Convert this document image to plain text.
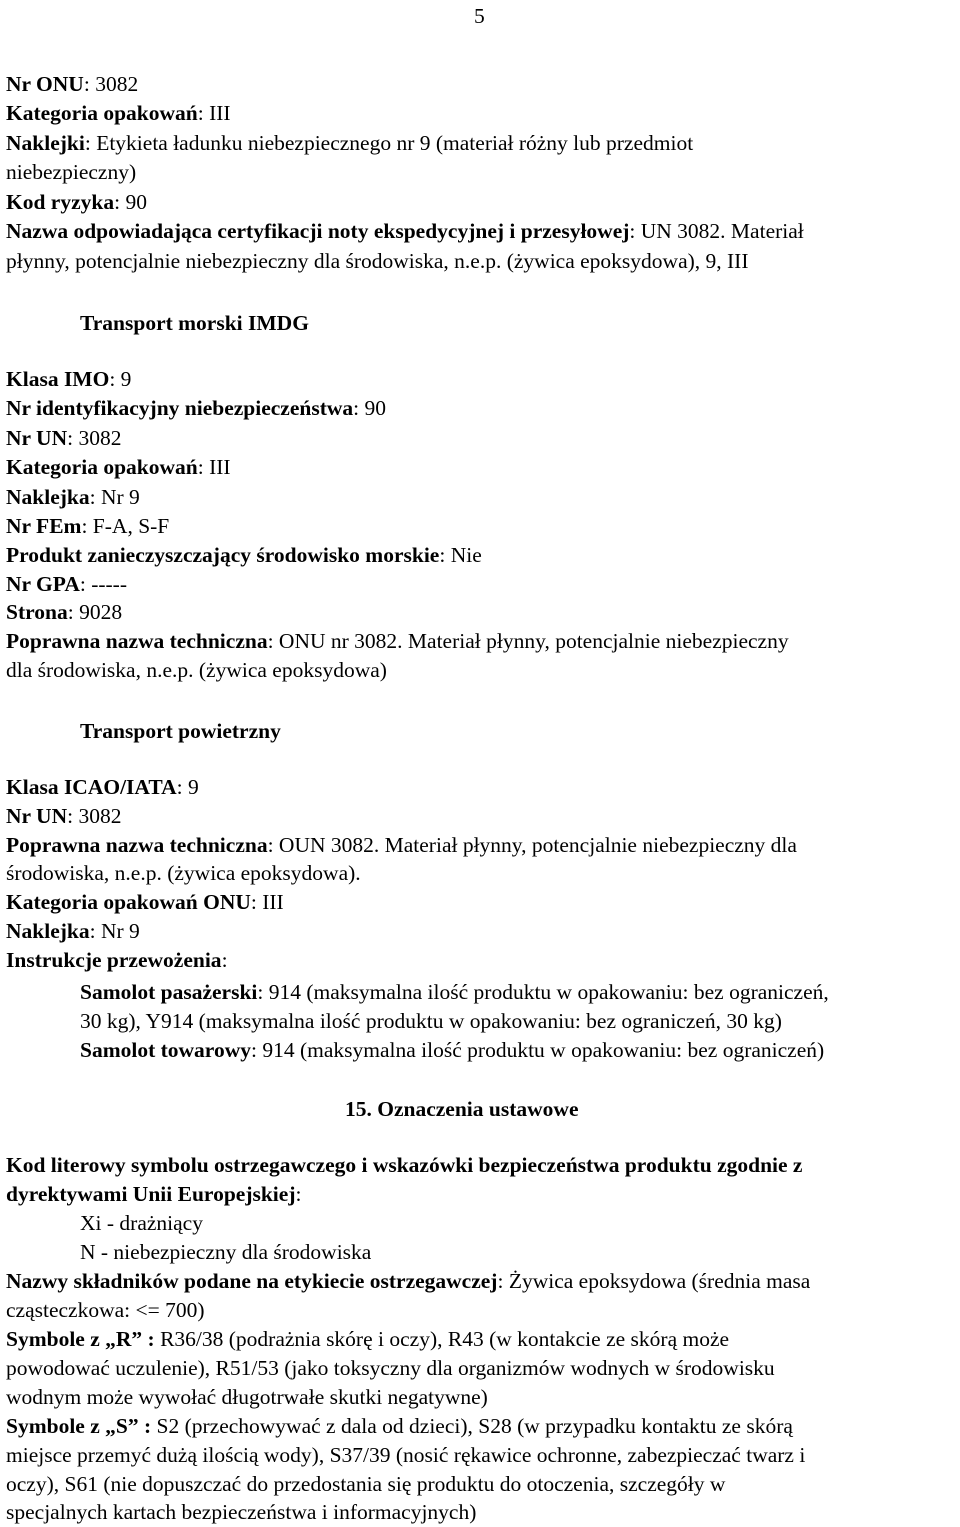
5
Nr ONU: 3082
Kategoria opakowań: III
Naklejki: Etykieta ładunku niebezpiecznego nr 9 (materiał różny lub przedmiot
niebezpieczny)
Kod ryzyka: 90
Nazwa odpowiadająca certyfikacji noty ekspedycyjnej i przesyłowej: UN 3082. Materiał
płynny, potencjalnie niebezpieczny dla środowiska, n.e.p. (żywica epoksydowa), 9, III
Transport morski IMDG
Klasa IMO: 9
Nr identyfikacyjny niebezpieczeństwa: 90
Nr UN: 3082
Kategoria opakowań: III
Naklejka: Nr 9
Nr FEm: F-A, S-F
Produkt zanieczyszczający środowisko morskie: Nie
Nr GPA: -----
Strona: 9028
Poprawna nazwa techniczna: ONU nr 3082. Materiał płynny, potencjalnie niebezpieczny
dla środowiska, n.e.p. (żywica epoksydowa)
Transport powietrzny
Klasa ICAO/IATA: 9
Nr UN: 3082
Poprawna nazwa techniczna: OUN 3082. Materiał płynny, potencjalnie niebezpieczny dla
środowiska, n.e.p. (żywica epoksydowa).
Kategoria opakowań ONU: III
Naklejka: Nr 9
Instrukcje przewożenia:
Samolot pasażerski: 914 (maksymalna ilość produktu w opakowaniu: bez ograniczeń,
30 kg), Y914 (maksymalna ilość produktu w opakowaniu: bez ograniczeń, 30 kg)
Samolot towarowy: 914 (maksymalna ilość produktu w opakowaniu: bez ograniczeń)
15. Oznaczenia ustawowe
Kod literowy symbolu ostrzegawczego i wskazówki bezpieczeństwa produktu zgodnie z
dyrektywami Unii Europejskiej:
Xi - drażniący
N - niebezpieczny dla środowiska
Nazwy składników podane na etykiecie ostrzegawczej: Żywica epoksydowa (średnia masa
cząsteczkowa: <= 700)
Symbole z „R” : R36/38 (podrażnia skórę i oczy), R43 (w kontakcie ze skórą może
powodować uczulenie), R51/53 (jako toksyczny dla organizmów wodnych w środowisku
wodnym może wywołać długotrwałe skutki negatywne)
Symbole z „S” : S2 (przechowywać z dala od dzieci), S28 (w przypadku kontaktu ze skórą
miejsce przemyć dużą ilością wody), S37/39 (nosić rękawice ochronne, zabezpieczać twarz i
oczy), S61 (nie dopuszczać do przedostania się produktu do otoczenia, szczegóły w
specjalnych kartach bezpieczeństwa i informacyjnych)
